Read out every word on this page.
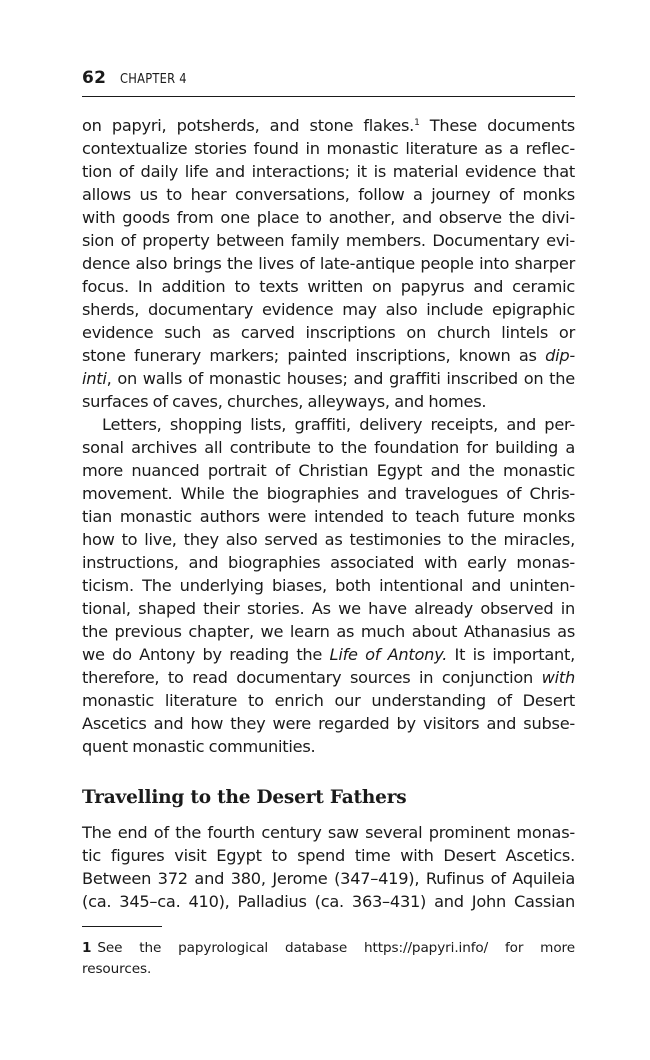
62 CHAPTER 4
on papyri, potsherds, and stone flakes.$^1$ These documents
contextualize stories found in monastic literature as a reflec-
tion of daily life and interactions; it is material evidence that
allows us to hear conversations, follow a journey of monks
with goods from one place to another, and observe the divi-
sion of property between family members. Documentary evi-
dence also brings the lives of late-antique people into sharper
focus. In addition to texts written on papyrus and ceramic
sherds, documentary evidence may also include epigraphic
evidence such as carved inscriptions on church lintels or
stone funerary markers; painted inscriptions, known as dip-
inti, on walls of monastic houses; and graffiti inscribed on the
surfaces of caves, churches, alleyways, and homes.
Letters, shopping lists, graffiti, delivery receipts, and per-
sonal archives all contribute to the foundation for building a
more nuanced portrait of Christian Egypt and the monastic
movement. While the biographies and travelogues of Chris-
tian monastic authors were intended to teach future monks
how to live, they also served as testimonies to the miracles,
instructions, and biographies associated with early monas-
ticism. The underlying biases, both intentional and uninten-
tional, shaped their stories. As we have already observed in
the previous chapter, we learn as much about Athanasius as
we do Antony by reading the Life of Antony. It is important,
therefore, to read documentary sources in conjunction with
monastic literature to enrich our understanding of Desert
Ascetics and how they were regarded by visitors and subse-
quent monastic communities.
Travelling to the Desert Fathers
The end of the fourth century saw several prominent monas-
tic figures visit Egypt to spend time with Desert Ascetics.
Between 372 and 380, Jerome (347–419), Rufinus of Aquileia
(ca. 345–ca. 410), Palladius (ca. 363–431) and John Cassian
1 See the papyrological database https://papyri.info/ for more
resources.
